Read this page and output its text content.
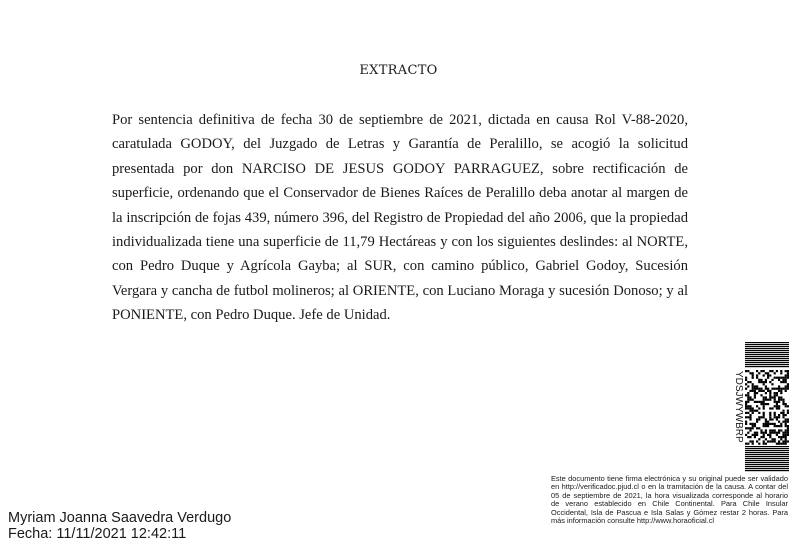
EXTRACTO

Por sentencia definitiva de fecha 30 de septiembre de 2021, dictada en causa Rol V-88-2020, caratulada GODOY, del Juzgado de Letras y Garantía de Peralillo, se acogió la solicitud presentada por don NARCISO DE JESUS GODOY PARRAGUEZ, sobre rectificación de superficie, ordenando que el Conservador de Bienes Raíces de Peralillo deba anotar al margen de la inscripción de fojas 439, número 396, del Registro de Propiedad del año 2006, que la propiedad individualizada tiene una superficie de 11,79 Hectáreas y con los siguientes deslindes: al NORTE, con Pedro Duque y Agrícola Gayba; al SUR, con camino público, Gabriel Godoy, Sucesión Vergara y cancha de futbol molineros; al ORIENTE, con Luciano Moraga y sucesión Donoso; y al PONIENTE, con Pedro Duque. Jefe de Unidad.

YDSJWYWBRP

Este documento tiene firma electrónica y su original puede ser validado en http://verificadoc.pjud.cl o en la tramitación de la causa. A contar del 05 de septiembre de 2021, la hora visualizada corresponde al horario de verano establecido en Chile Continental. Para Chile Insular Occidental, Isla de Pascua e Isla Salas y Gómez restar 2 horas. Para más información consulte http://www.horaoficial.cl

Myriam Joanna Saavedra Verdugo
Fecha: 11/11/2021 12:42:11
